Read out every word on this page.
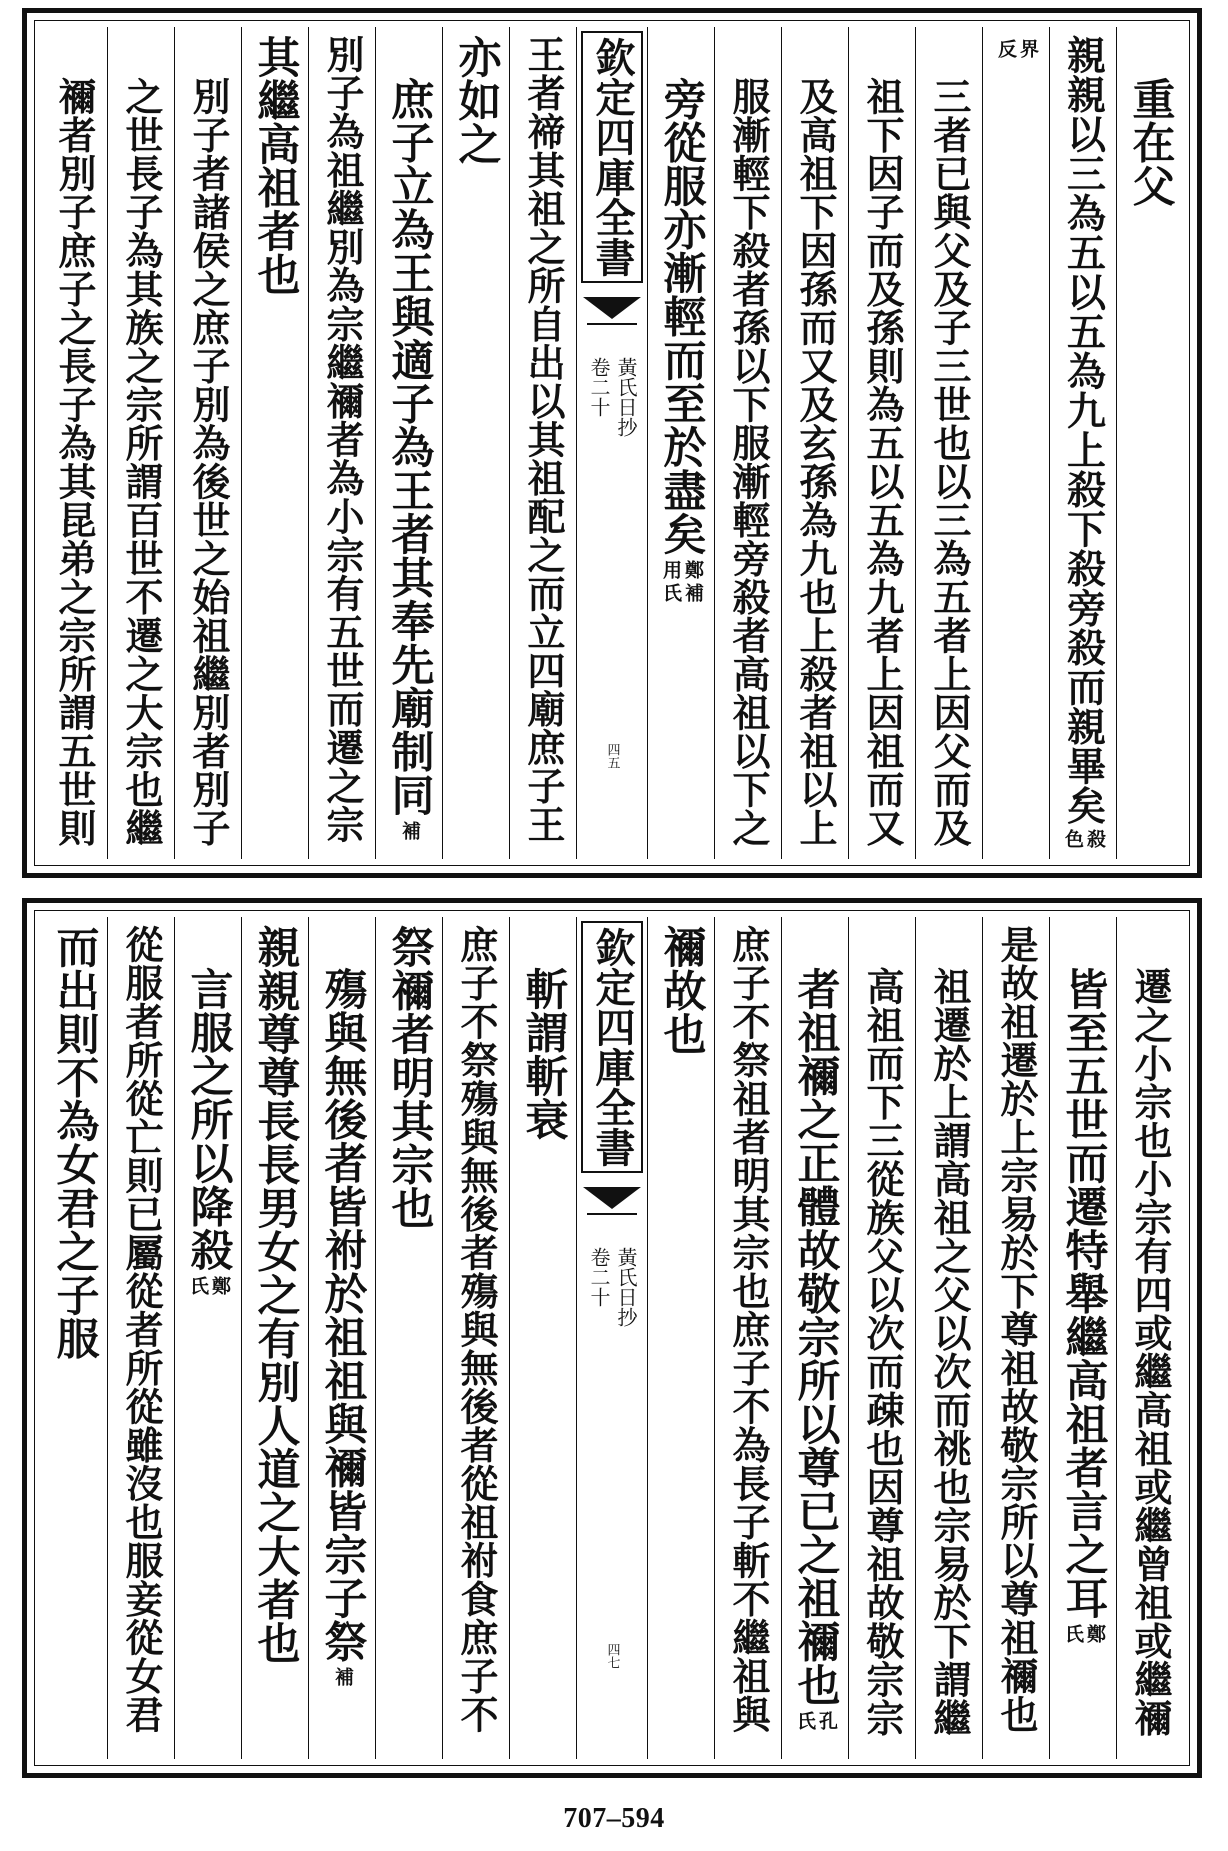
重在父
親親以三為五以五為九上殺下殺旁殺而親畢矣
殺
色
界
反
三者已與父及子三世也以三為五者上因父而及
祖下因子而及孫則為五以五為九者上因祖而又
及高祖下因孫而又及玄孫為九也上殺者祖以上
服漸輕下殺者孫以下服漸輕旁殺者高祖以下之
旁從服亦漸輕而至於盡矣
鄭
用
補
氏
欽定四庫全書
黃氏日抄
卷二十
四五
王者禘其祖之所自出以其祖配之而立四廟庶子王
亦如之
庶子立為王與適子為王者其奉先廟制同
補
別子為祖繼別為宗繼禰者為小宗有五世而遷之宗
其繼高祖者也
別子者諸侯之庶子別為後世之始祖繼別者別子
之世長子為其族之宗所謂百世不遷之大宗也繼
禰者別子庶子之長子為其昆弟之宗所謂五世則
遷之小宗也小宗有四或繼高祖或繼曾祖或繼禰
皆至五世而遷特舉繼高祖者言之耳
鄭
氏
是故祖遷於上宗易於下尊祖故敬宗所以尊祖禰也
祖遷於上謂高祖之父以次而祧也宗易於下謂繼
高祖而下三從族父以次而疎也因尊祖故敬宗宗
者祖禰之正體故敬宗所以尊已之祖禰也
孔
氏
庶子不祭祖者明其宗也庶子不為長子斬不繼祖與
禰故也
欽定四庫全書
黃氏日抄
卷二十
四七
斬謂斬衰
庶子不祭殤與無後者殤與無後者從祖祔食庶子不
祭禰者明其宗也
殤與無後者皆祔於祖祖與禰皆宗子祭
補
親親尊尊長長男女之有別人道之大者也
言服之所以降殺
鄭
氏
從服者所從亡則已屬從者所從雖沒也服妾從女君
而出則不為女君之子服
707‒594
